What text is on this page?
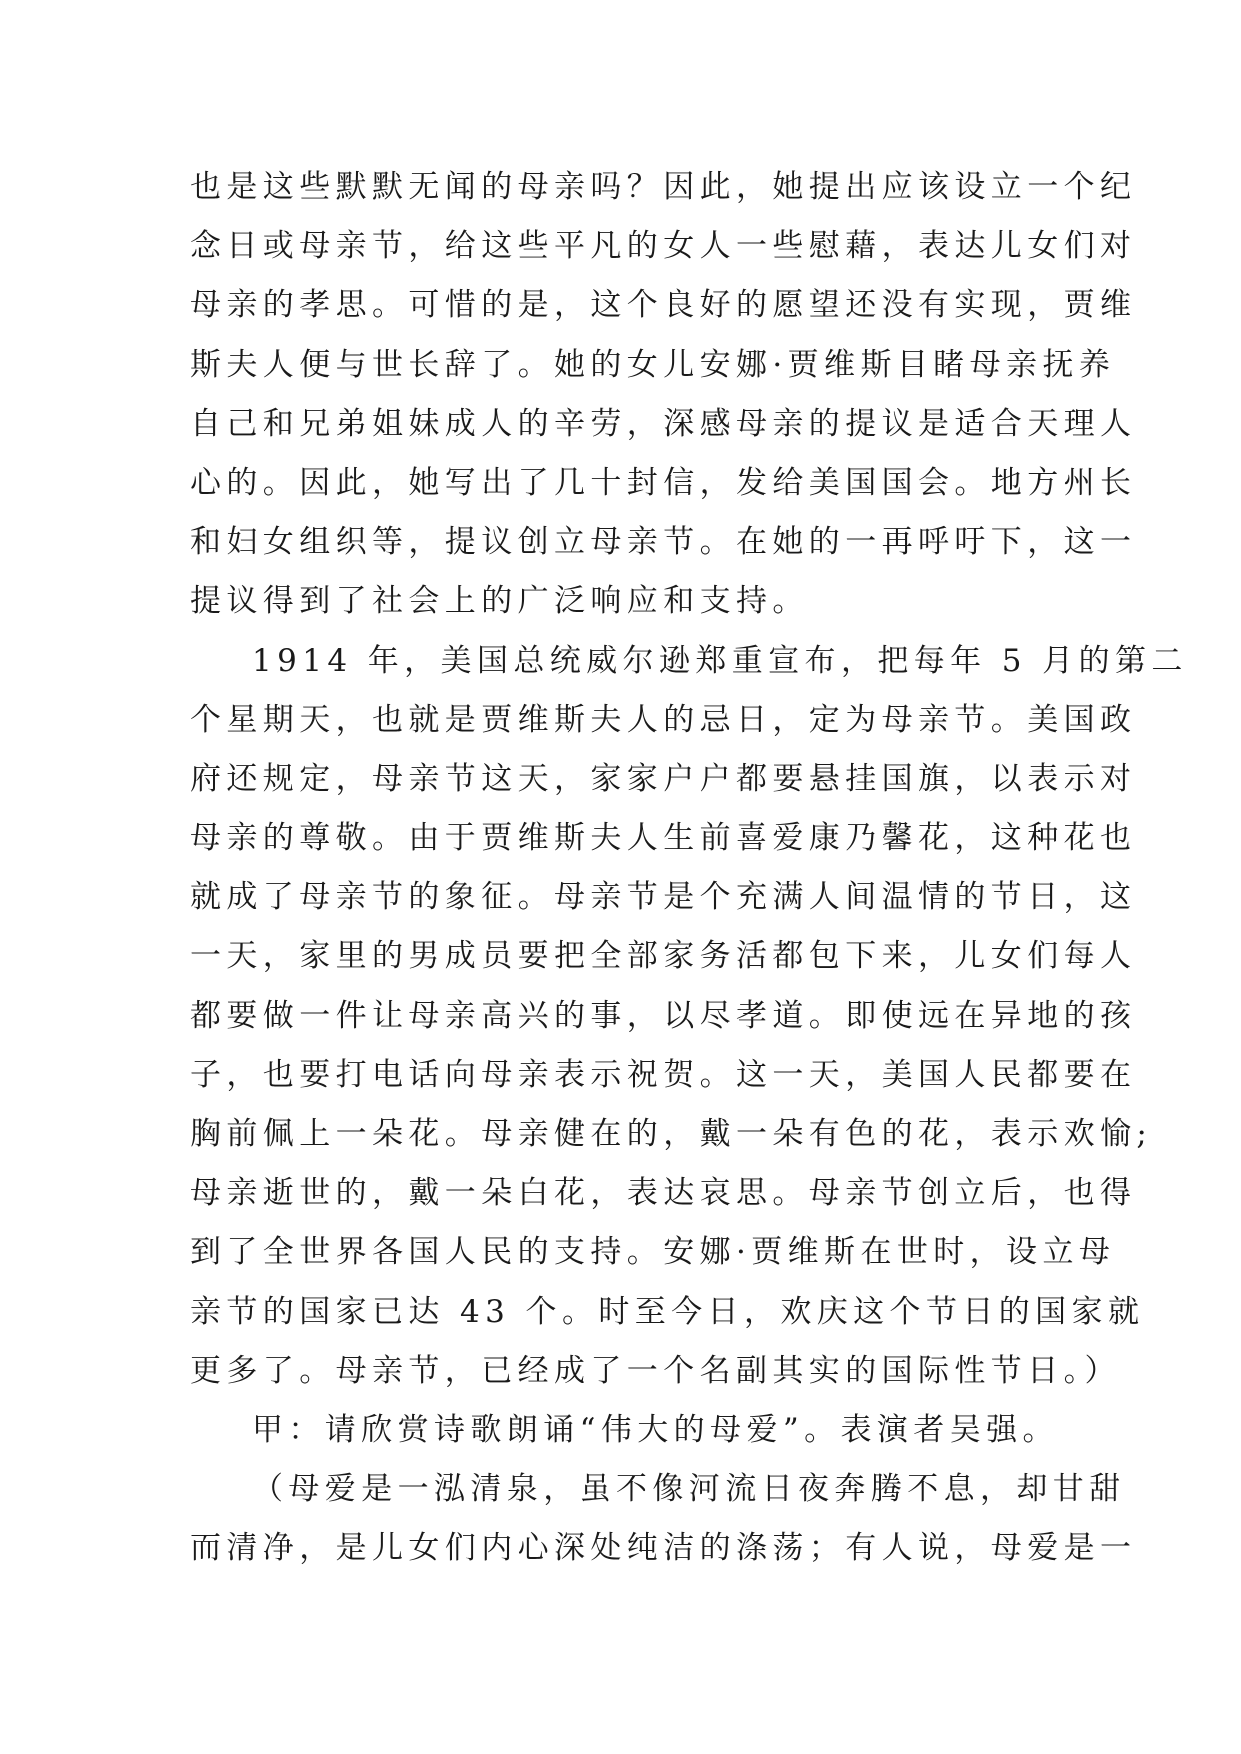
也是这些默默无闻的母亲吗？因此，她提出应该设立一个纪
念日或母亲节，给这些平凡的女人一些慰藉，表达儿女们对
母亲的孝思。可惜的是，这个良好的愿望还没有实现，贾维
斯夫人便与世长辞了。她的女儿安娜·贾维斯目睹母亲抚养
自己和兄弟姐妹成人的辛劳，深感母亲的提议是适合天理人
心的。因此，她写出了几十封信，发给美国国会。地方州长
和妇女组织等，提议创立母亲节。在她的一再呼吁下，这一
提议得到了社会上的广泛响应和支持。
1914 年，美国总统威尔逊郑重宣布，把每年 5 月的第二
个星期天，也就是贾维斯夫人的忌日，定为母亲节。美国政
府还规定，母亲节这天，家家户户都要悬挂国旗，以表示对
母亲的尊敬。由于贾维斯夫人生前喜爱康乃馨花，这种花也
就成了母亲节的象征。母亲节是个充满人间温情的节日，这
一天，家里的男成员要把全部家务活都包下来，儿女们每人
都要做一件让母亲高兴的事，以尽孝道。即使远在异地的孩
子，也要打电话向母亲表示祝贺。这一天，美国人民都要在
胸前佩上一朵花。母亲健在的，戴一朵有色的花，表示欢愉;
母亲逝世的，戴一朵白花，表达哀思。母亲节创立后，也得
到了全世界各国人民的支持。安娜·贾维斯在世时，设立母
亲节的国家已达 43 个。时至今日，欢庆这个节日的国家就
更多了。母亲节，已经成了一个名副其实的国际性节日。）
甲：请欣赏诗歌朗诵“伟大的母爱”。表演者吴强。
（母爱是一泓清泉，虽不像河流日夜奔腾不息，却甘甜
而清净，是儿女们内心深处纯洁的涤荡；有人说，母爱是一
